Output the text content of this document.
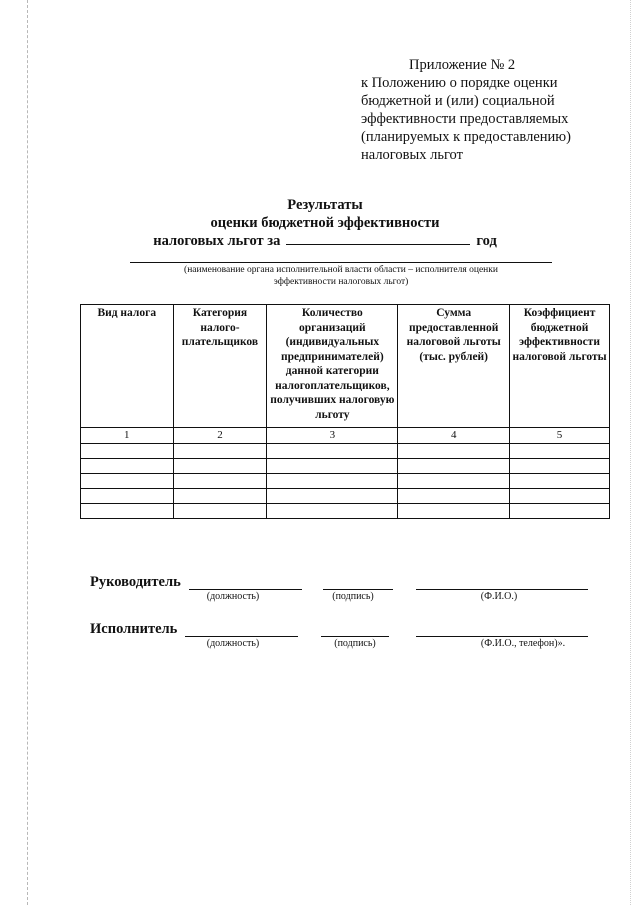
Приложение № 2
к Положению о порядке оценки
бюджетной и (или) социальной
эффективности предоставляемых
(планируемых к предоставлению)
налоговых льгот
Результаты
оценки бюджетной эффективности
налоговых льгот за	год
(наименование органа исполнительной власти области – исполнителя оценки
эффективности налоговых льгот)
Вид налога	Категория налого-плательщиков	Количество организаций (индивидуальных предпринимателей) данной категории налогоплательщиков, получивших налоговую льготу	Сумма предоставленной налоговой льготы (тыс. рублей)	Коэффициент бюджетной эффективности налоговой льготы
1	2	3	4	5

Руководитель
(должность)	(подпись)	(Ф.И.О.)
Исполнитель
(должность)	(подпись)	(Ф.И.О., телефон)».
